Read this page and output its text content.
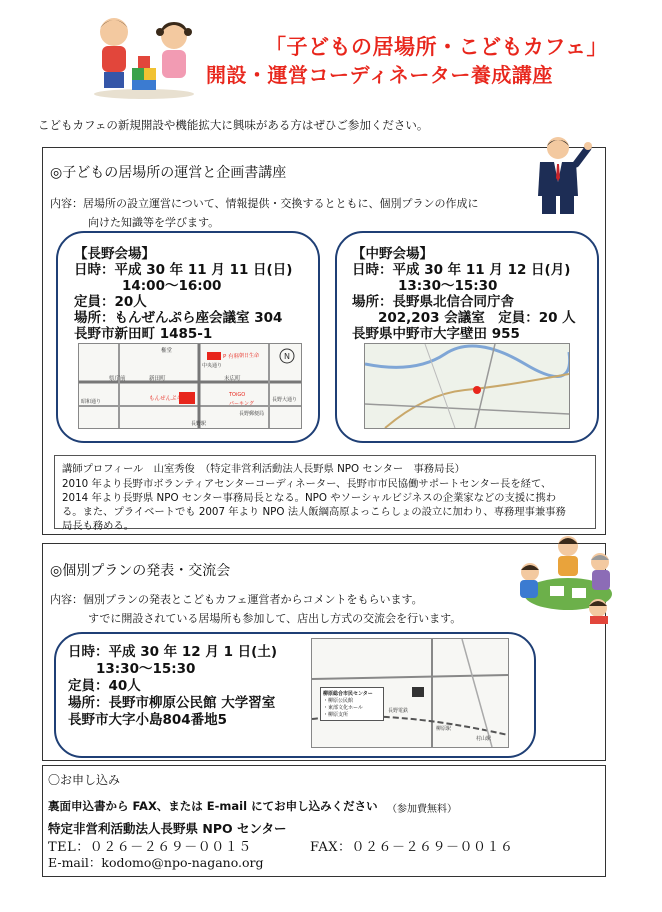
「子どもの居場所・こどもカフェ」
開設・運営コーディネーター養成講座
こどもカフェの新規開設や機能拡大に興味がある方はぜひご参加ください。
◎子どもの居場所の運営と企画書講座
内容：居場所の設立運営について、情報提供・交換するとともに、個別プランの作成に
向けた知識等を学びます。
【長野会場】
日時：平成 30 年 11 月 11 日(日)
14:00～16:00
定員：20人
場所：もんぜんぷら座会議室 304
長野市新田町 1485-1
N
権堂
県庁前	新田町	末広町
中央通り
長野大通り
もんぜんぷら座
P 有料 朝日生命
TOiGO
パーキング
長野郵便局
昭和通り
長野駅
【中野会場】
日時：平成 30 年 11 月 12 日(月)
13:30～15:30
場所：長野県北信合同庁舎
202,203 会議室　定員：20 人
長野県中野市大字壁田 955
講師プロフィール　山室秀俊　（特定非営利活動法人長野県 NPO センター　事務局長）
2010 年より長野市ボランティアセンターコーディネーター、長野市市民協働サポートセンター長を経て、
2014 年より長野県 NPO センター事務局長となる。NPO やソーシャルビジネスの企業家などの支援に携わ
る。また、プライベートでも 2007 年より NPO 法人飯綱高原よっこらしょの設立に加わり、専務理事兼事務
局長も務める。
◎個別プランの発表・交流会
内容：個別プランの発表とこどもカフェ運営者からコメントをもらいます。
すでに開設されている居場所も参加して、店出し方式の交流会を行います。
日時：平成 30 年 12 月 1 日(土)
13:30～15:30
定員：40人
場所：長野市柳原公民館 大学習室
長野市大字小島804番地5
柳原総合市民センター
・柳原公民館
・東部文化ホール
・柳原支所
長野電鉄
柳原駅
村山駅
〇お申し込み
裏面申込書から FAX、または E-mail にてお申し込みください （参加費無料）
特定非営利活動法人長野県 NPO センター
TEL：０２６－２６９－００１５	FAX：０２６－２６９－００１６
E-mail：kodomo@npo-nagano.org
